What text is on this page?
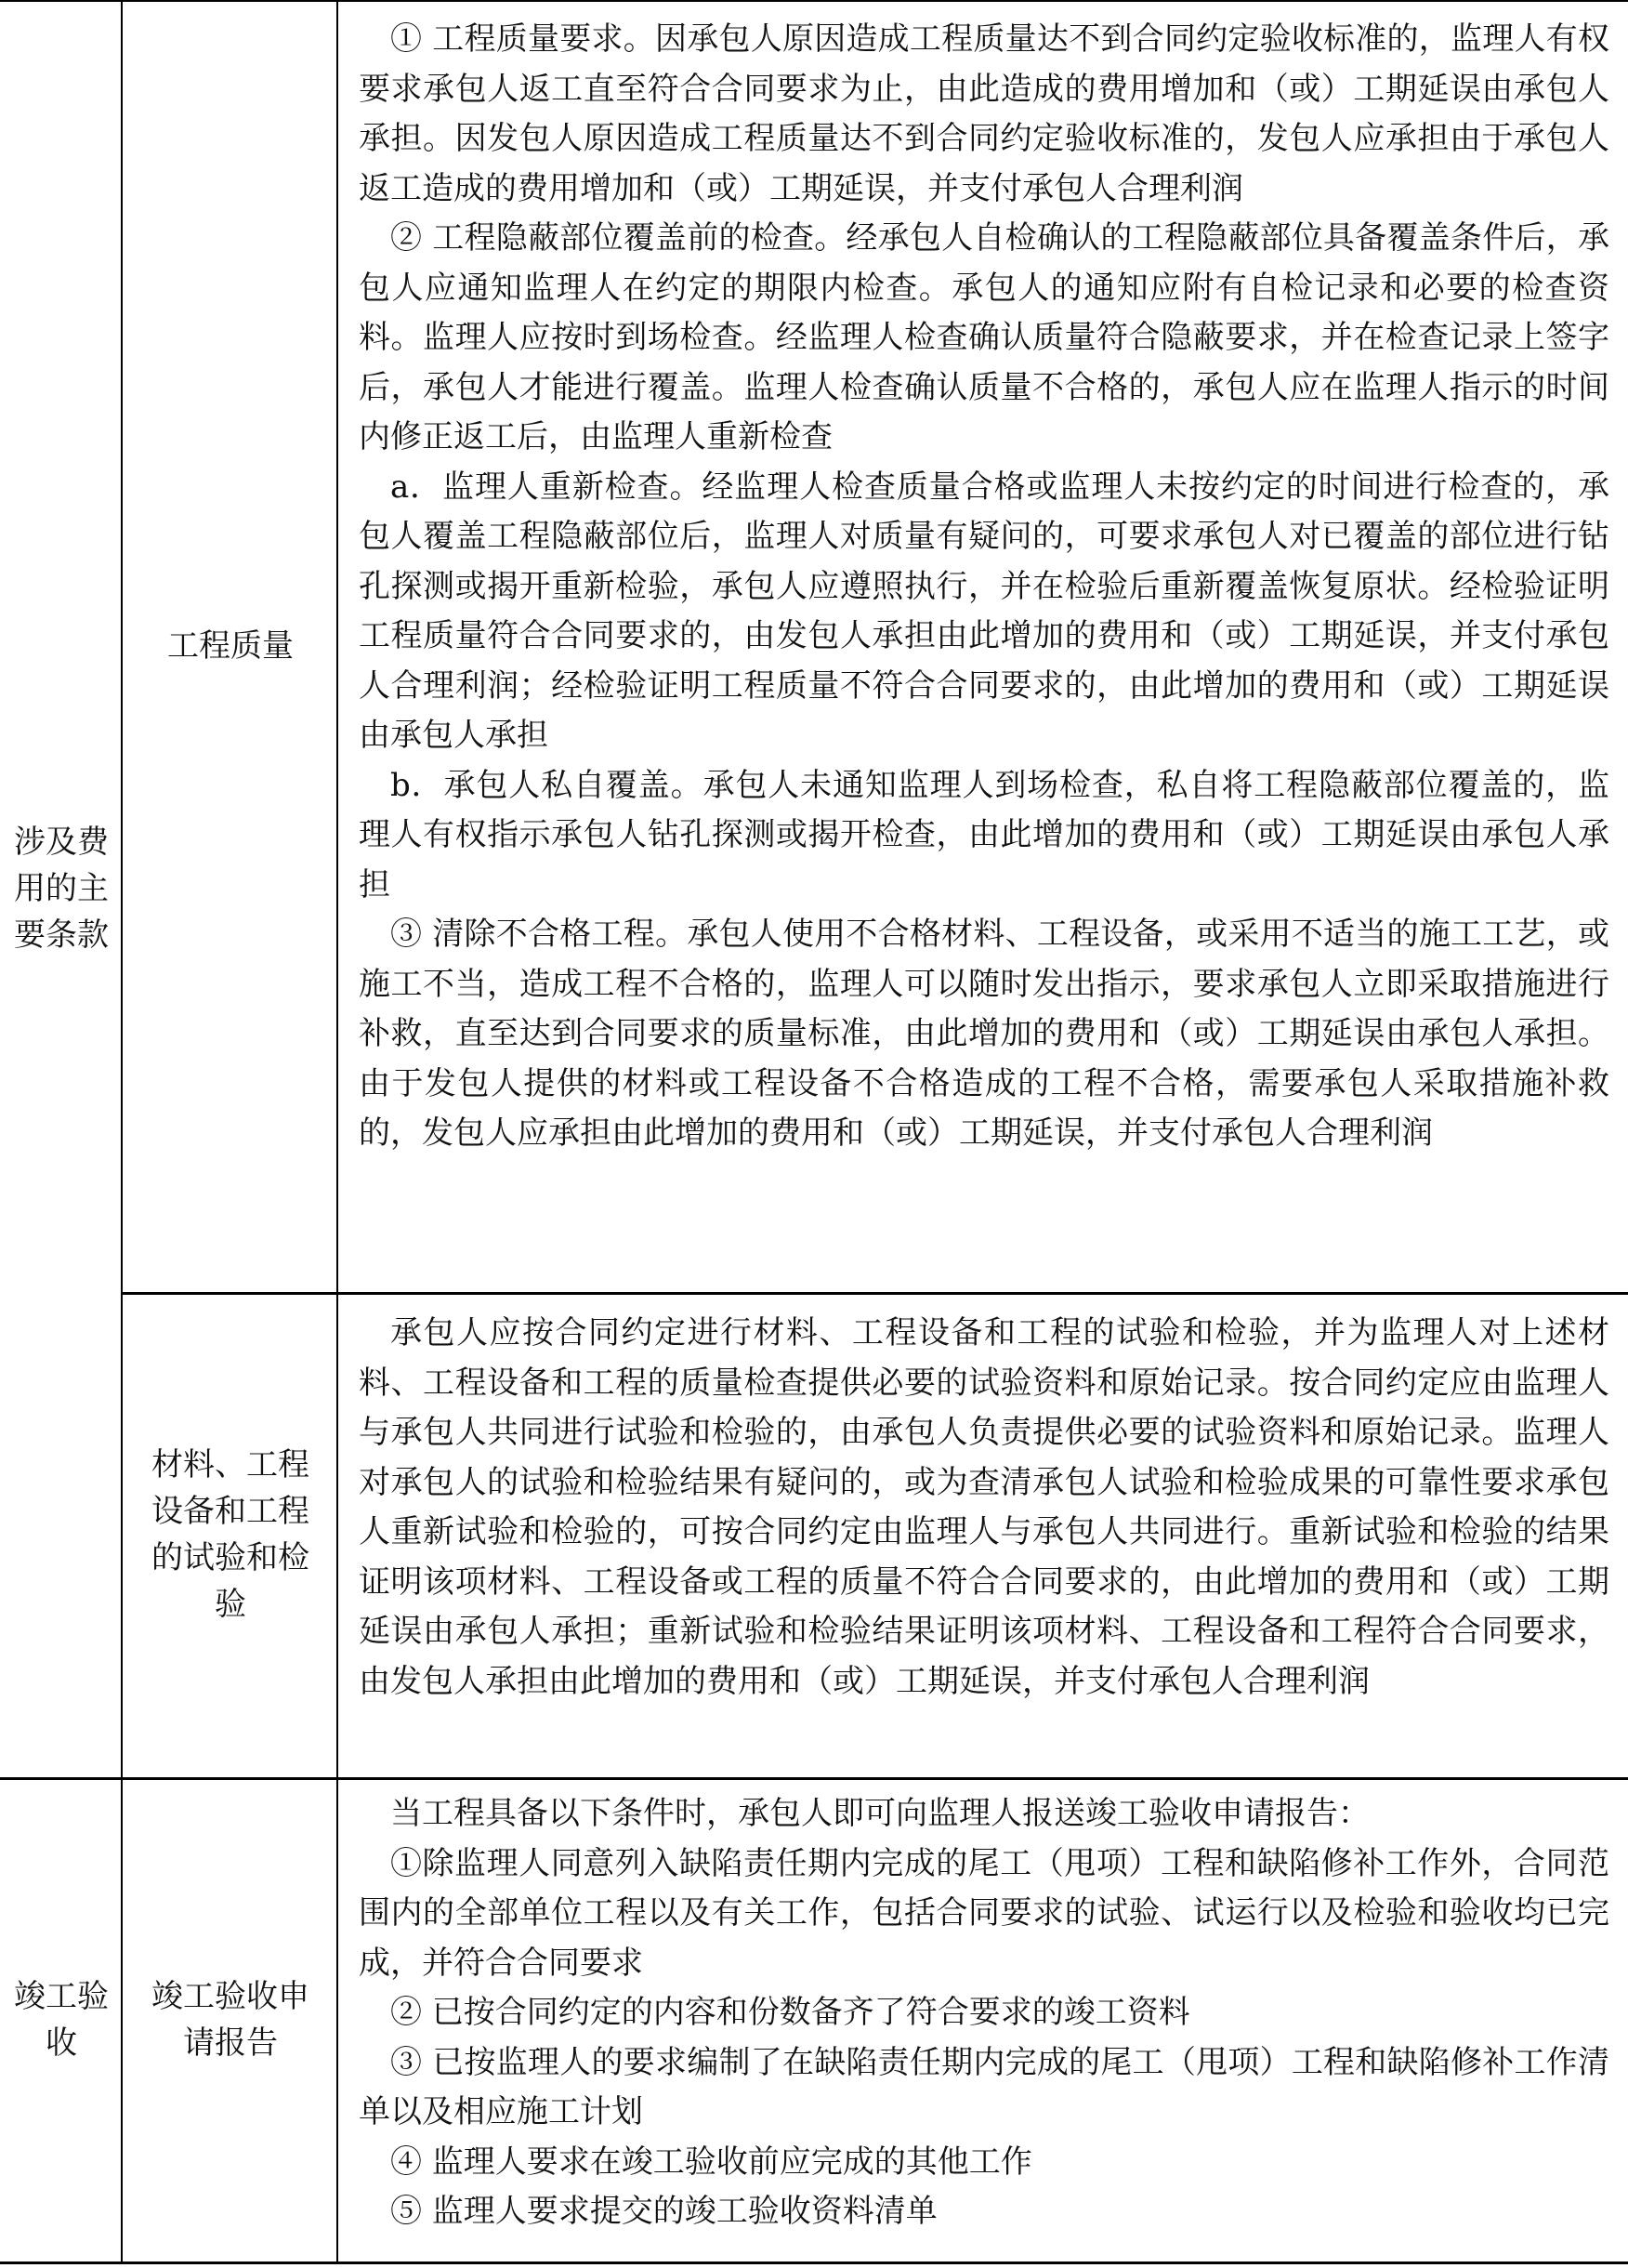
涉及费用的主要条款
工程质量

① 工程质量要求。因承包人原因造成工程质量达不到合同约定验收标准的，监理人有权要求承包人返工直至符合合同要求为止，由此造成的费用增加和（或）工期延误由承包人承担。因发包人原因造成工程质量达不到合同约定验收标准的，发包人应承担由于承包人返工造成的费用增加和（或）工期延误，并支付承包人合理利润

② 工程隐蔽部位覆盖前的检查。经承包人自检确认的工程隐蔽部位具备覆盖条件后，承包人应通知监理人在约定的期限内检查。承包人的通知应附有自检记录和必要的检查资料。监理人应按时到场检查。经监理人检查确认质量符合隐蔽要求，并在检查记录上签字后，承包人才能进行覆盖。监理人检查确认质量不合格的，承包人应在监理人指示的时间内修正返工后，由监理人重新检查

a．监理人重新检查。经监理人检查质量合格或监理人未按约定的时间进行检查的，承包人覆盖工程隐蔽部位后，监理人对质量有疑问的，可要求承包人对已覆盖的部位进行钻孔探测或揭开重新检验，承包人应遵照执行，并在检验后重新覆盖恢复原状。经检验证明工程质量符合合同要求的，由发包人承担由此增加的费用和（或）工期延误，并支付承包人合理利润；经检验证明工程质量不符合合同要求的，由此增加的费用和（或）工期延误由承包人承担

b．承包人私自覆盖。承包人未通知监理人到场检查，私自将工程隐蔽部位覆盖的，监理人有权指示承包人钻孔探测或揭开检查，由此增加的费用和（或）工期延误由承包人承担

③ 清除不合格工程。承包人使用不合格材料、工程设备，或采用不适当的施工工艺，或施工不当，造成工程不合格的，监理人可以随时发出指示，要求承包人立即采取措施进行补救，直至达到合同要求的质量标准，由此增加的费用和（或）工期延误由承包人承担。由于发包人提供的材料或工程设备不合格造成的工程不合格，需要承包人采取措施补救的，发包人应承担由此增加的费用和（或）工期延误，并支付承包人合理利润

材料、工程设备和工程的试验和检验

承包人应按合同约定进行材料、工程设备和工程的试验和检验，并为监理人对上述材料、工程设备和工程的质量检查提供必要的试验资料和原始记录。按合同约定应由监理人与承包人共同进行试验和检验的，由承包人负责提供必要的试验资料和原始记录。监理人对承包人的试验和检验结果有疑问的，或为查清承包人试验和检验成果的可靠性要求承包人重新试验和检验的，可按合同约定由监理人与承包人共同进行。重新试验和检验的结果证明该项材料、工程设备或工程的质量不符合合同要求的，由此增加的费用和（或）工期延误由承包人承担；重新试验和检验结果证明该项材料、工程设备和工程符合合同要求，由发包人承担由此增加的费用和（或）工期延误，并支付承包人合理利润

竣工验收
竣工验收申请报告

当工程具备以下条件时，承包人即可向监理人报送竣工验收申请报告：

①除监理人同意列入缺陷责任期内完成的尾工（甩项）工程和缺陷修补工作外，合同范围内的全部单位工程以及有关工作，包括合同要求的试验、试运行以及检验和验收均已完成，并符合合同要求

② 已按合同约定的内容和份数备齐了符合要求的竣工资料

③ 已按监理人的要求编制了在缺陷责任期内完成的尾工（甩项）工程和缺陷修补工作清单以及相应施工计划

④ 监理人要求在竣工验收前应完成的其他工作

⑤ 监理人要求提交的竣工验收资料清单
